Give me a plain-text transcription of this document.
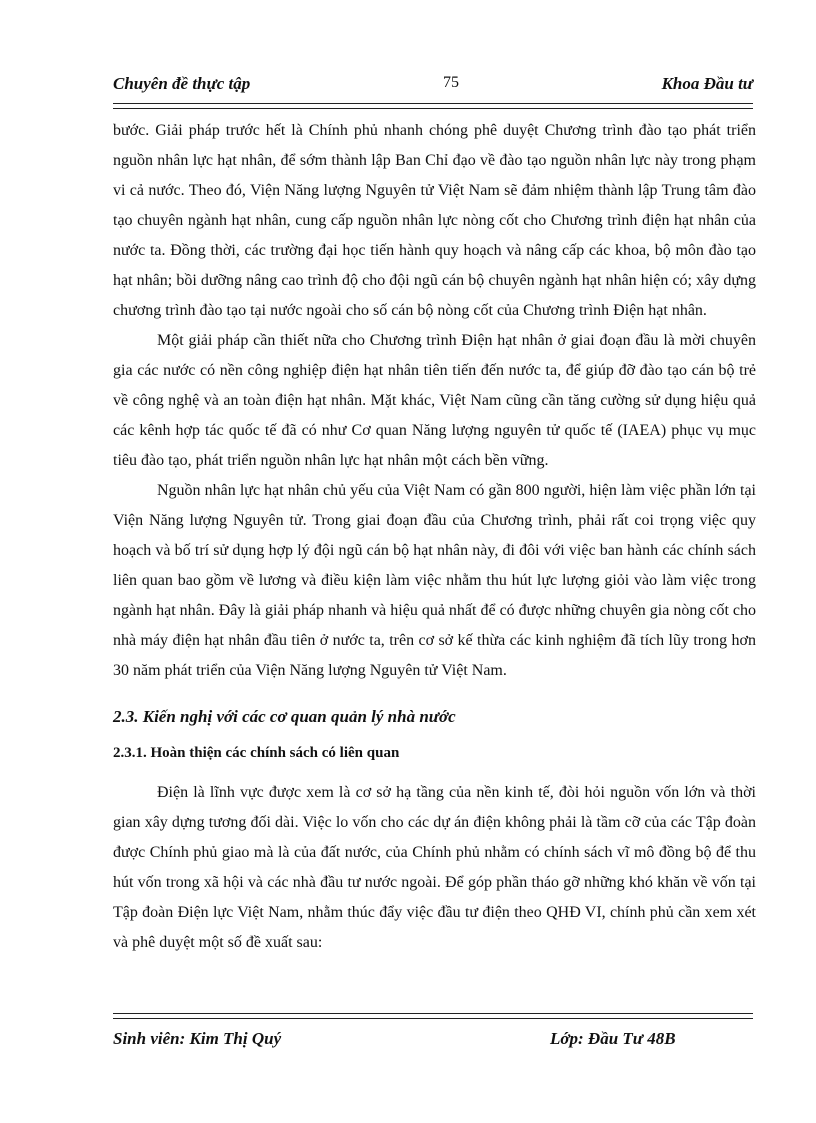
Chuyên đề thực tập	75	Khoa Đầu tư

bước. Giải pháp trước hết là Chính phủ nhanh chóng phê duyệt Chương trình đào tạo phát triển nguồn nhân lực hạt nhân, để sớm thành lập Ban Chỉ đạo về đào tạo nguồn nhân lực này trong phạm vi cả nước. Theo đó, Viện Năng lượng Nguyên tử Việt Nam sẽ đảm nhiệm thành lập Trung tâm đào tạo chuyên ngành hạt nhân, cung cấp nguồn nhân lực nòng cốt cho Chương trình điện hạt nhân của nước ta. Đồng thời, các trường đại học tiến hành quy hoạch và nâng cấp các khoa, bộ môn đào tạo hạt nhân; bồi dưỡng nâng cao trình độ cho đội ngũ cán bộ chuyên ngành hạt nhân hiện có; xây dựng chương trình đào tạo tại nước ngoài cho số cán bộ nòng cốt của Chương trình Điện hạt nhân.

Một giải pháp cần thiết nữa cho Chương trình Điện hạt nhân ở giai đoạn đầu là mời chuyên gia các nước có nền công nghiệp điện hạt nhân tiên tiến đến nước ta, để giúp đỡ đào tạo cán bộ trẻ về công nghệ và an toàn điện hạt nhân. Mặt khác, Việt Nam cũng cần tăng cường sử dụng hiệu quả các kênh hợp tác quốc tế đã có như Cơ quan Năng lượng nguyên tử quốc tế (IAEA) phục vụ mục tiêu đào tạo, phát triển nguồn nhân lực hạt nhân một cách bền vững.

Nguồn nhân lực hạt nhân chủ yếu của Việt Nam có gần 800 người, hiện làm việc phần lớn tại Viện Năng lượng Nguyên tử. Trong giai đoạn đầu của Chương trình, phải rất coi trọng việc quy hoạch và bố trí sử dụng hợp lý đội ngũ cán bộ hạt nhân này, đi đôi với việc ban hành các chính sách liên quan bao gồm về lương và điều kiện làm việc nhằm thu hút lực lượng giỏi vào làm việc trong ngành hạt nhân. Đây là giải pháp nhanh và hiệu quả nhất để có được những chuyên gia nòng cốt cho nhà máy điện hạt nhân đầu tiên ở nước ta, trên cơ sở kế thừa các kinh nghiệm đã tích lũy trong hơn 30 năm phát triển của Viện Năng lượng Nguyên tử Việt Nam.

2.3. Kiến nghị với các cơ quan quản lý nhà nước

2.3.1. Hoàn thiện các chính sách có liên quan

Điện là lĩnh vực được xem là cơ sở hạ tầng của nền kinh tế, đòi hỏi nguồn vốn lớn và thời gian xây dựng tương đối dài. Việc lo vốn cho các dự án điện không phải là tầm cỡ của các Tập đoàn được Chính phủ giao mà là của đất nước, của Chính phủ nhằm có chính sách vĩ mô đồng bộ để thu hút vốn trong xã hội và các nhà đầu tư nước ngoài. Để góp phần tháo gỡ những khó khăn về vốn tại Tập đoàn Điện lực Việt Nam, nhằm thúc đẩy việc đầu tư điện theo QHĐ VI, chính phủ cần xem xét và phê duyệt một số đề xuất sau:

Sinh viên: Kim Thị Quý	Lớp: Đầu Tư 48B
